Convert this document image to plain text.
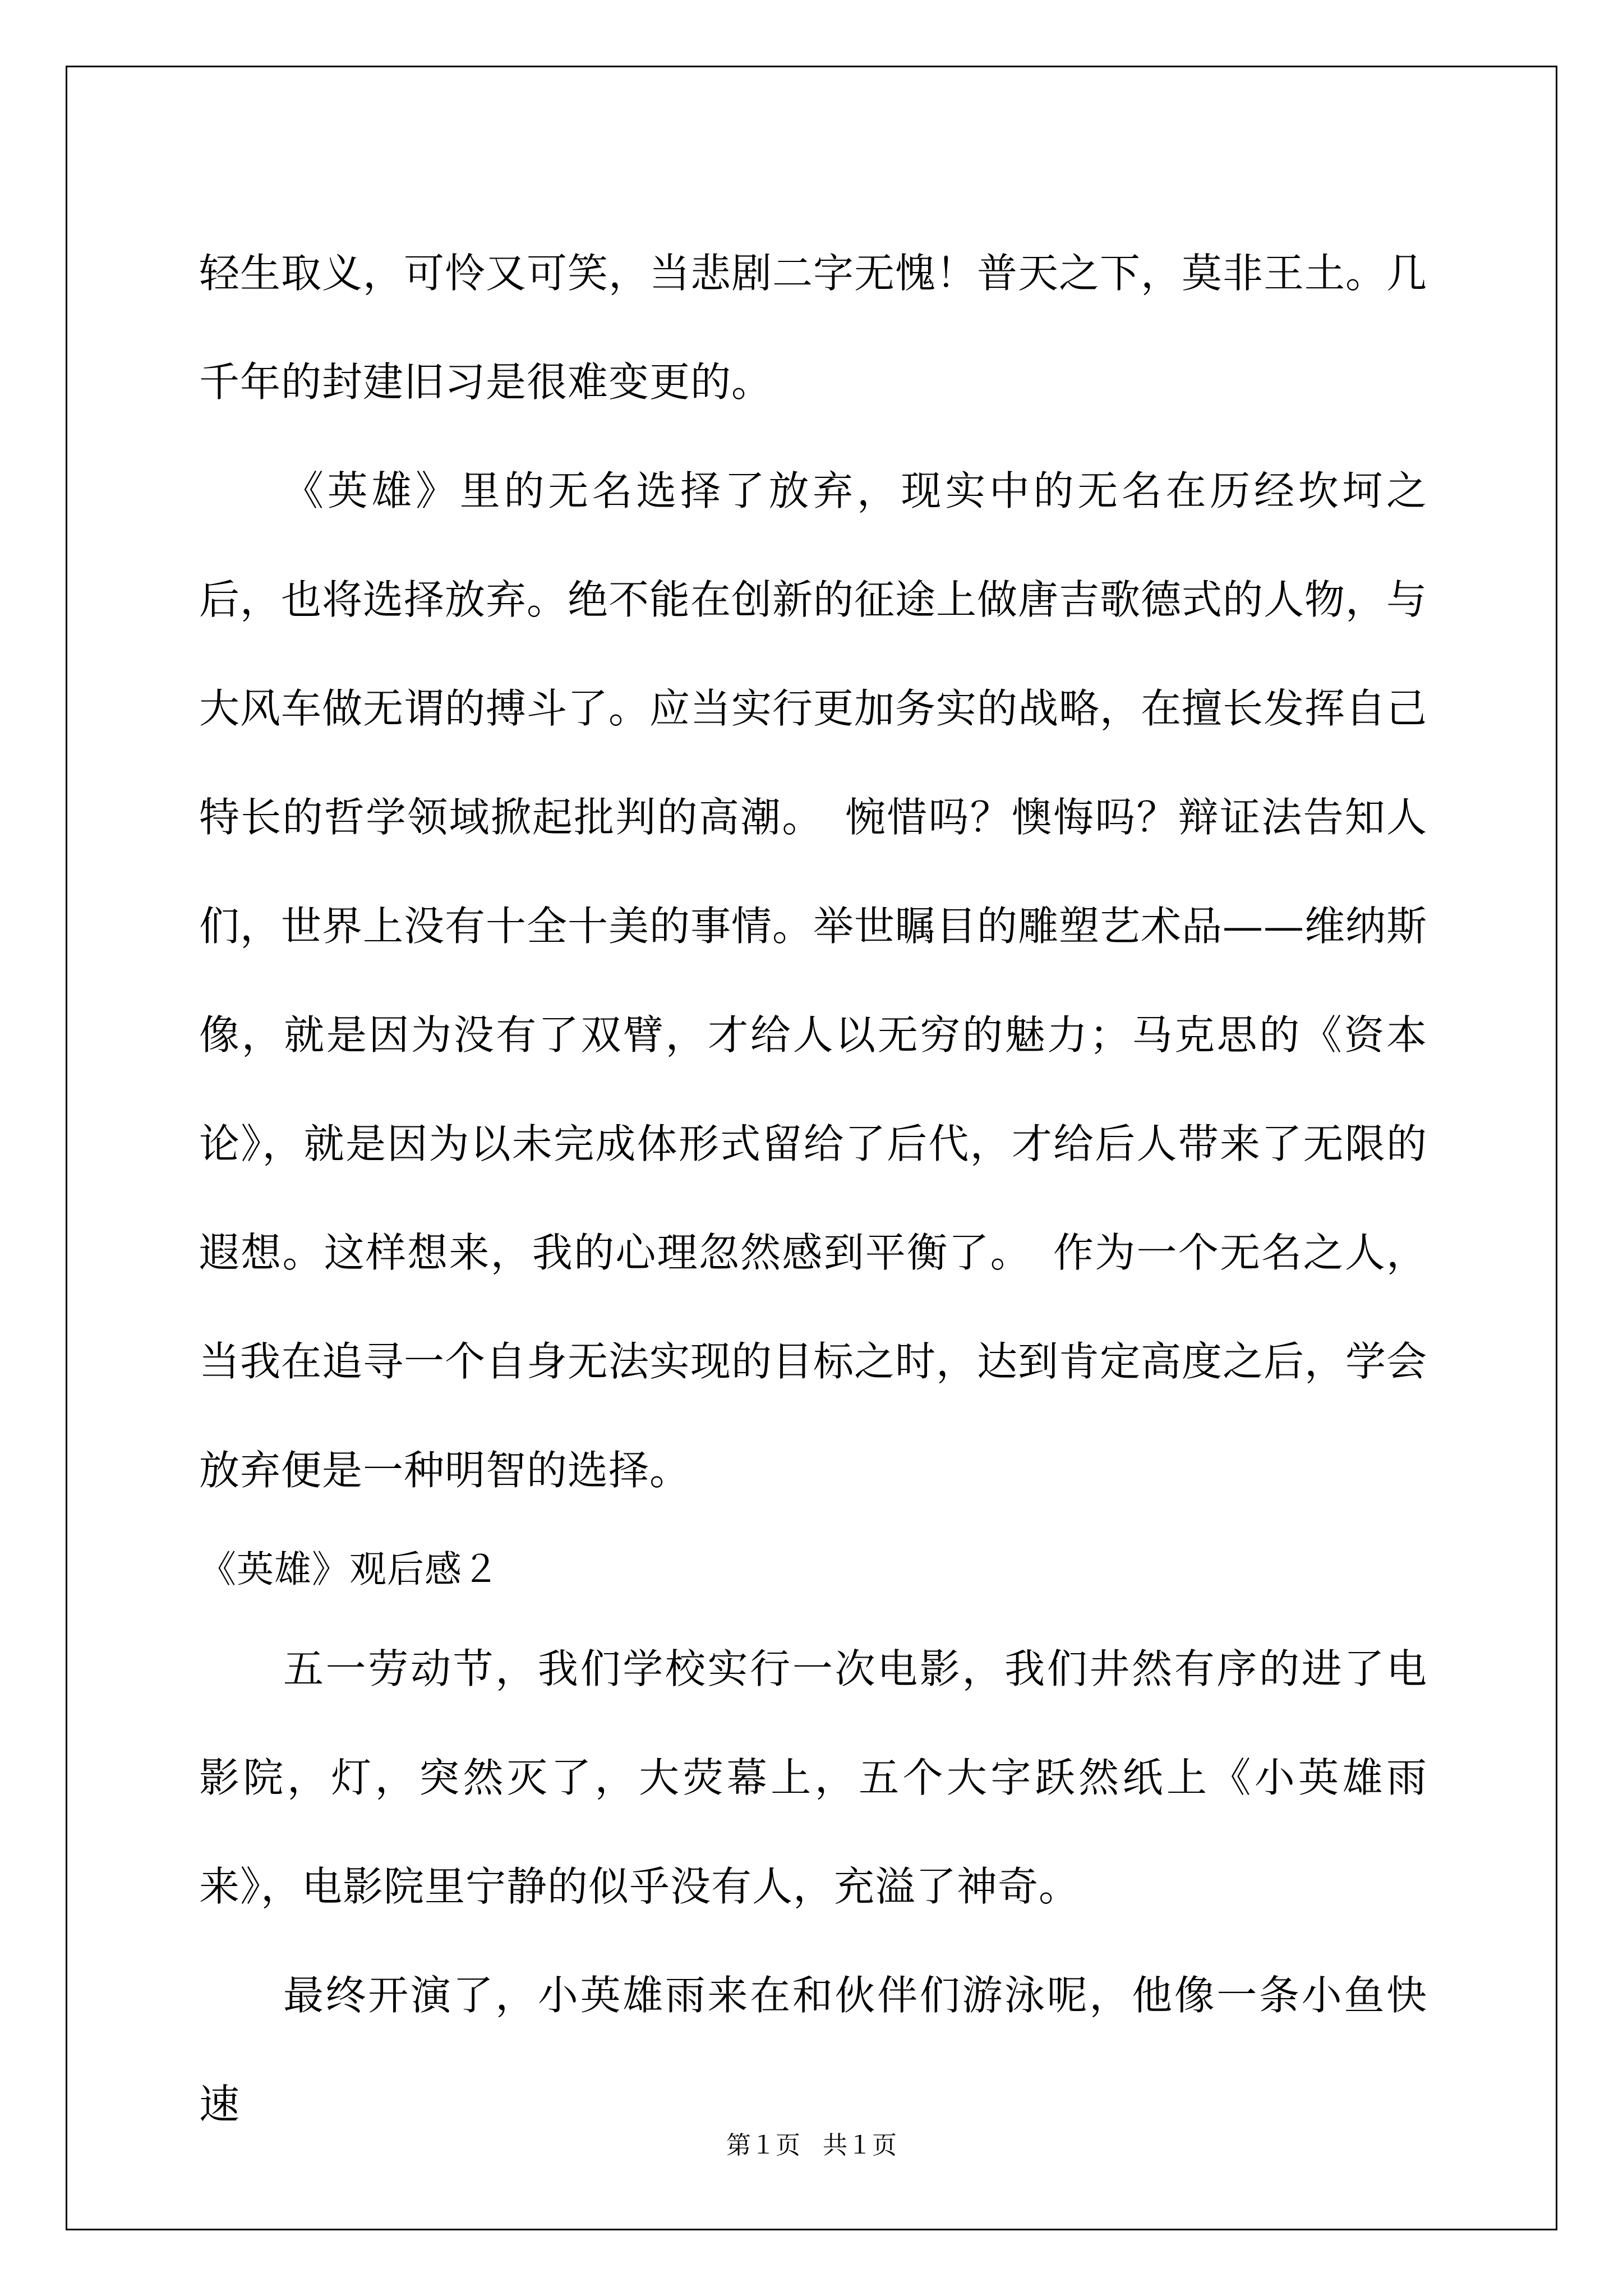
轻生取义，可怜又可笑，当悲剧二字无愧！普天之下，莫非王土。几千年的封建旧习是很难变更的。

《英雄》里的无名选择了放弃，现实中的无名在历经坎坷之后，也将选择放弃。绝不能在创新的征途上做唐吉歌德式的人物，与大风车做无谓的搏斗了。应当实行更加务实的战略，在擅长发挥自己特长的哲学领域掀起批判的高潮。　惋惜吗？懊悔吗？辩证法告知人们，世界上没有十全十美的事情。举世瞩目的雕塑艺术品——维纳斯像，就是因为没有了双臂，才给人以无穷的魅力；马克思的《资本论》，就是因为以未完成体形式留给了后代，才给后人带来了无限的遐想。这样想来，我的心理忽然感到平衡了。　作为一个无名之人，当我在追寻一个自身无法实现的目标之时，达到肯定高度之后，学会放弃便是一种明智的选择。

《英雄》观后感２

五一劳动节，我们学校实行一次电影，我们井然有序的进了电影院，灯，突然灭了，大荧幕上，五个大字跃然纸上《小英雄雨来》，电影院里宁静的似乎没有人，充溢了神奇。

最终开演了，小英雄雨来在和伙伴们游泳呢，他像一条小鱼快速

第１页 共１页
